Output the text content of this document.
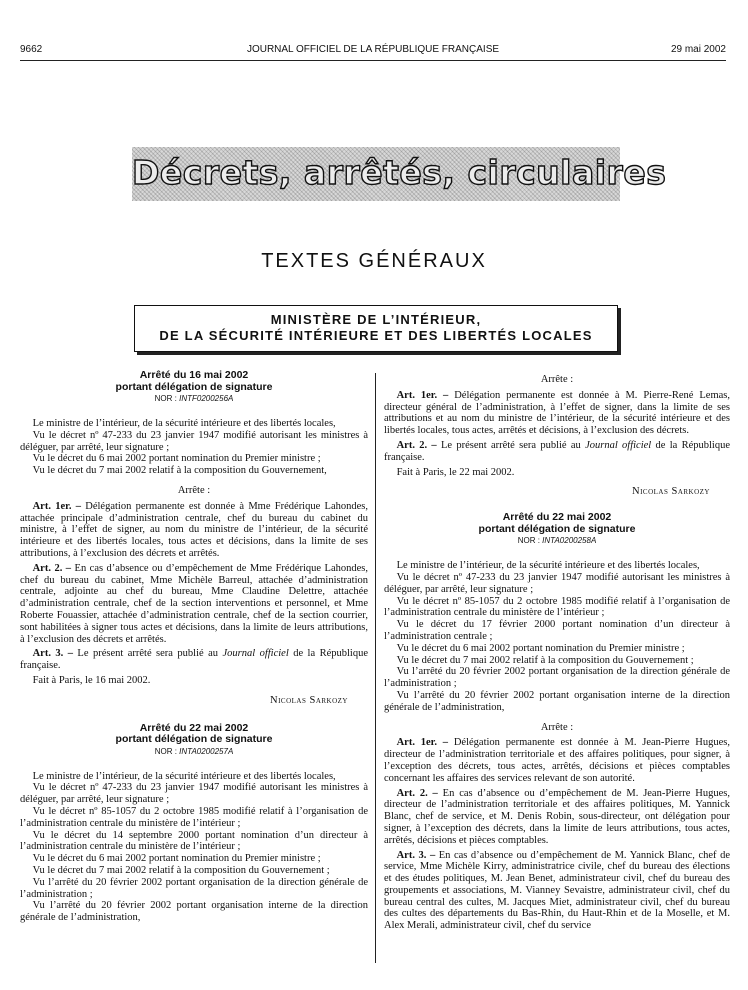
9662	JOURNAL OFFICIEL DE LA RÉPUBLIQUE FRANÇAISE	29 mai 2002
Décrets, arrêtés, circulaires
TEXTES GÉNÉRAUX
MINISTÈRE DE L’INTÉRIEUR,
DE LA SÉCURITÉ INTÉRIEURE ET DES LIBERTÉS LOCALES
Arrêté du 16 mai 2002
portant délégation de signature
NOR : INTF0200256A

Le ministre de l’intérieur, de la sécurité intérieure et des libertés locales,

Vu le décret nº 47-233 du 23 janvier 1947 modifié autorisant les ministres à déléguer, par arrêté, leur signature ;

Vu le décret du 6 mai 2002 portant nomination du Premier ministre ;

Vu le décret du 7 mai 2002 relatif à la composition du Gouvernement,

Arrête :

Art. 1er. – Délégation permanente est donnée à Mme Frédérique Lahondes, attachée principale d’administration centrale, chef du bureau du cabinet du ministre, à l’effet de signer, au nom du ministre de l’intérieur, de la sécurité intérieure et des libertés locales, tous actes et décisions, dans la limite de ses attributions, à l’exclusion des décrets et arrêtés.

Art. 2. – En cas d’absence ou d’empêchement de Mme Frédérique Lahondes, chef du bureau du cabinet, Mme Michèle Barreul, attachée d’administration centrale, adjointe au chef du bureau, Mme Claudine Delettre, attachée d’administration centrale, chef de la section interventions et personnel, et Mme Roberte Fouassier, attachée d’administration centrale, chef de la section courrier, sont habilitées à signer tous actes et décisions, dans la limite de leurs attributions, à l’exclusion des décrets et arrêtés.

Art. 3. – Le présent arrêté sera publié au Journal officiel de la République française.

Fait à Paris, le 16 mai 2002.

Nicolas Sarkozy
Arrêté du 22 mai 2002
portant délégation de signature
NOR : INTA0200257A

Le ministre de l’intérieur, de la sécurité intérieure et des libertés locales,

Vu le décret nº 47-233 du 23 janvier 1947 modifié autorisant les ministres à déléguer, par arrêté, leur signature ;

Vu le décret nº 85-1057 du 2 octobre 1985 modifié relatif à l’organisation de l’administration centrale du ministère de l’intérieur ;

Vu le décret du 14 septembre 2000 portant nomination d’un directeur à l’administration centrale du ministère de l’intérieur ;

Vu le décret du 6 mai 2002 portant nomination du Premier ministre ;

Vu le décret du 7 mai 2002 relatif à la composition du Gouvernement ;

Vu l’arrêté du 20 février 2002 portant organisation de la direction générale de l’administration ;

Vu l’arrêté du 20 février 2002 portant organisation interne de la direction générale de l’administration,

Arrête :

Art. 1er. – Délégation permanente est donnée à M. Pierre-René Lemas, directeur général de l’administration, à l’effet de signer, dans la limite de ses attributions et au nom du ministre de l’intérieur, de la sécurité intérieure et des libertés locales, tous actes, arrêtés et décisions, à l’exclusion des décrets.

Art. 2. – Le présent arrêté sera publié au Journal officiel de la République française.

Fait à Paris, le 22 mai 2002.

Nicolas Sarkozy
Arrêté du 22 mai 2002
portant délégation de signature
NOR : INTA0200258A

Le ministre de l’intérieur, de la sécurité intérieure et des libertés locales,

Vu le décret nº 47-233 du 23 janvier 1947 modifié autorisant les ministres à déléguer, par arrêté, leur signature ;

Vu le décret nº 85-1057 du 2 octobre 1985 modifié relatif à l’organisation de l’administration centrale du ministère de l’intérieur ;

Vu le décret du 17 février 2000 portant nomination d’un directeur à l’administration centrale ;

Vu le décret du 6 mai 2002 portant nomination du Premier ministre ;

Vu le décret du 7 mai 2002 relatif à la composition du Gouvernement ;

Vu l’arrêté du 20 février 2002 portant organisation de la direction générale de l’administration ;

Vu l’arrêté du 20 février 2002 portant organisation interne de la direction générale de l’administration,

Arrête :

Art. 1er. – Délégation permanente est donnée à M. Jean-Pierre Hugues, directeur de l’administration territoriale et des affaires politiques, pour signer, à l’exception des décrets, tous actes, arrêtés, décisions et pièces comptables concernant les affaires des services relevant de son autorité.

Art. 2. – En cas d’absence ou d’empêchement de M. Jean-Pierre Hugues, directeur de l’administration territoriale et des affaires politiques, M. Yannick Blanc, chef de service, et M. Denis Robin, sous-directeur, ont délégation pour signer, à l’exception des décrets, dans la limite de leurs attributions, tous actes, arrêtés, décisions et pièces comptables.

Art. 3. – En cas d’absence ou d’empêchement de M. Yannick Blanc, chef de service, Mme Michèle Kirry, administratrice civile, chef du bureau des élections et des études politiques, M. Jean Benet, administrateur civil, chef du bureau des groupements et associations, M. Vianney Sevaistre, administrateur civil, chef du bureau central des cultes, M. Jacques Miet, administrateur civil, chef du bureau des cultes des départements du Bas-Rhin, du Haut-Rhin et de la Moselle, et M. Alex Merali, administrateur civil, chef du service
